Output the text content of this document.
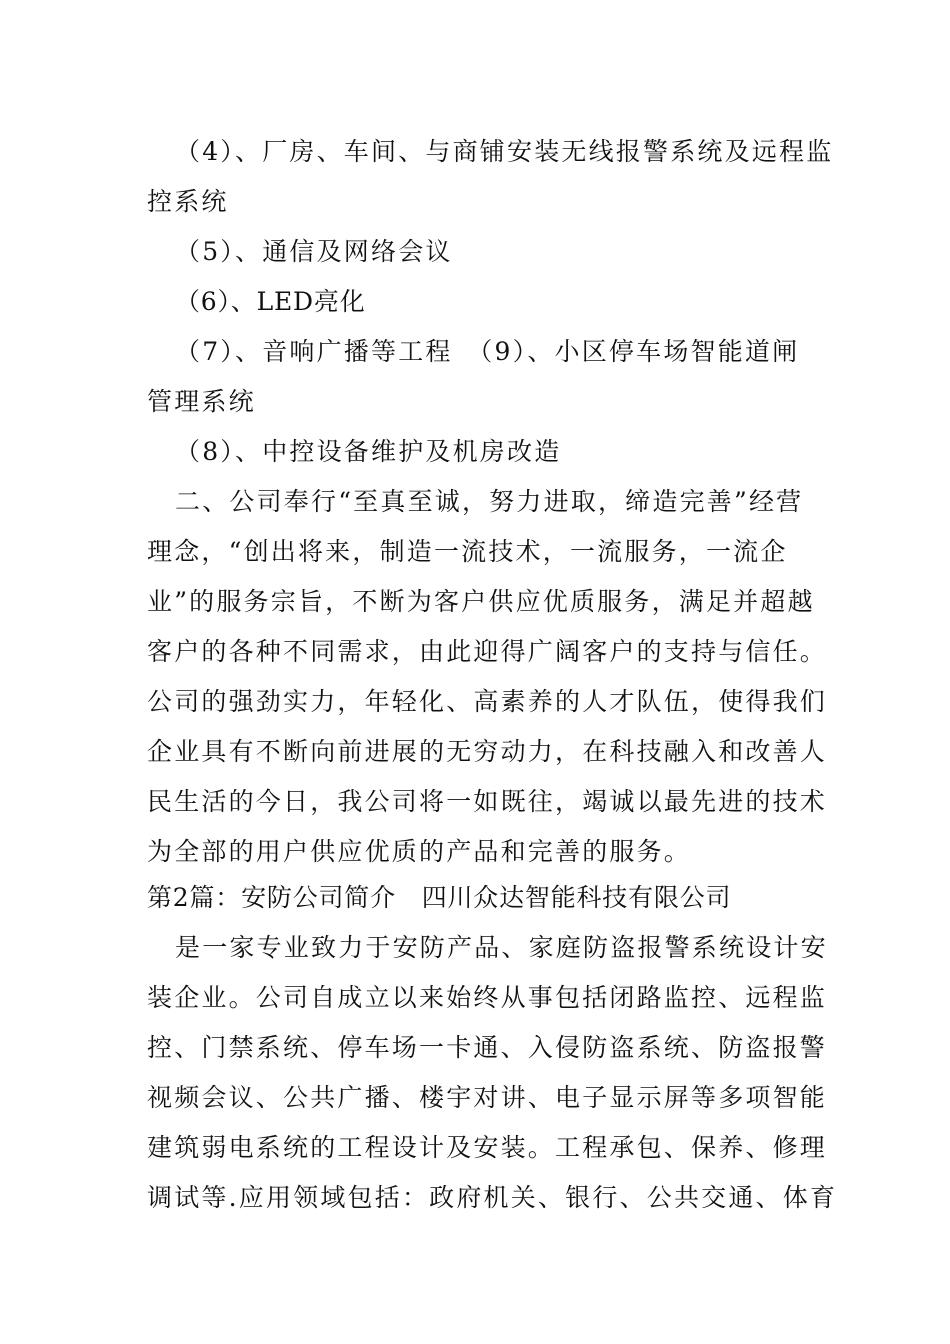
（4）、厂房、车间、与商铺安装无线报警系统及远程监
控系统
（5）、通信及网络会议
（6）、LED亮化
（7）、音响广播等工程　（9）、小区停车场智能道闸
管理系统
（8）、中控设备维护及机房改造
二、公司奉行“至真至诚，努力进取，缔造完善”经营
理念，“创出将来，制造一流技术，一流服务，一流企
业”的服务宗旨，不断为客户供应优质服务，满足并超越
客户的各种不同需求，由此迎得广阔客户的支持与信任。
公司的强劲实力，年轻化、高素养的人才队伍，使得我们
企业具有不断向前进展的无穷动力，在科技融入和改善人
民生活的今日，我公司将一如既往，竭诚以最先进的技术
为全部的用户供应优质的产品和完善的服务。
第2篇：安防公司简介　四川众达智能科技有限公司
是一家专业致力于安防产品、家庭防盗报警系统设计安
装企业。公司自成立以来始终从事包括闭路监控、远程监
控、门禁系统、停车场一卡通、入侵防盗系统、防盗报警
视频会议、公共广播、楼宇对讲、电子显示屏等多项智能
建筑弱电系统的工程设计及安装。工程承包、保养、修理
调试等.应用领域包括：政府机关、银行、公共交通、体育
